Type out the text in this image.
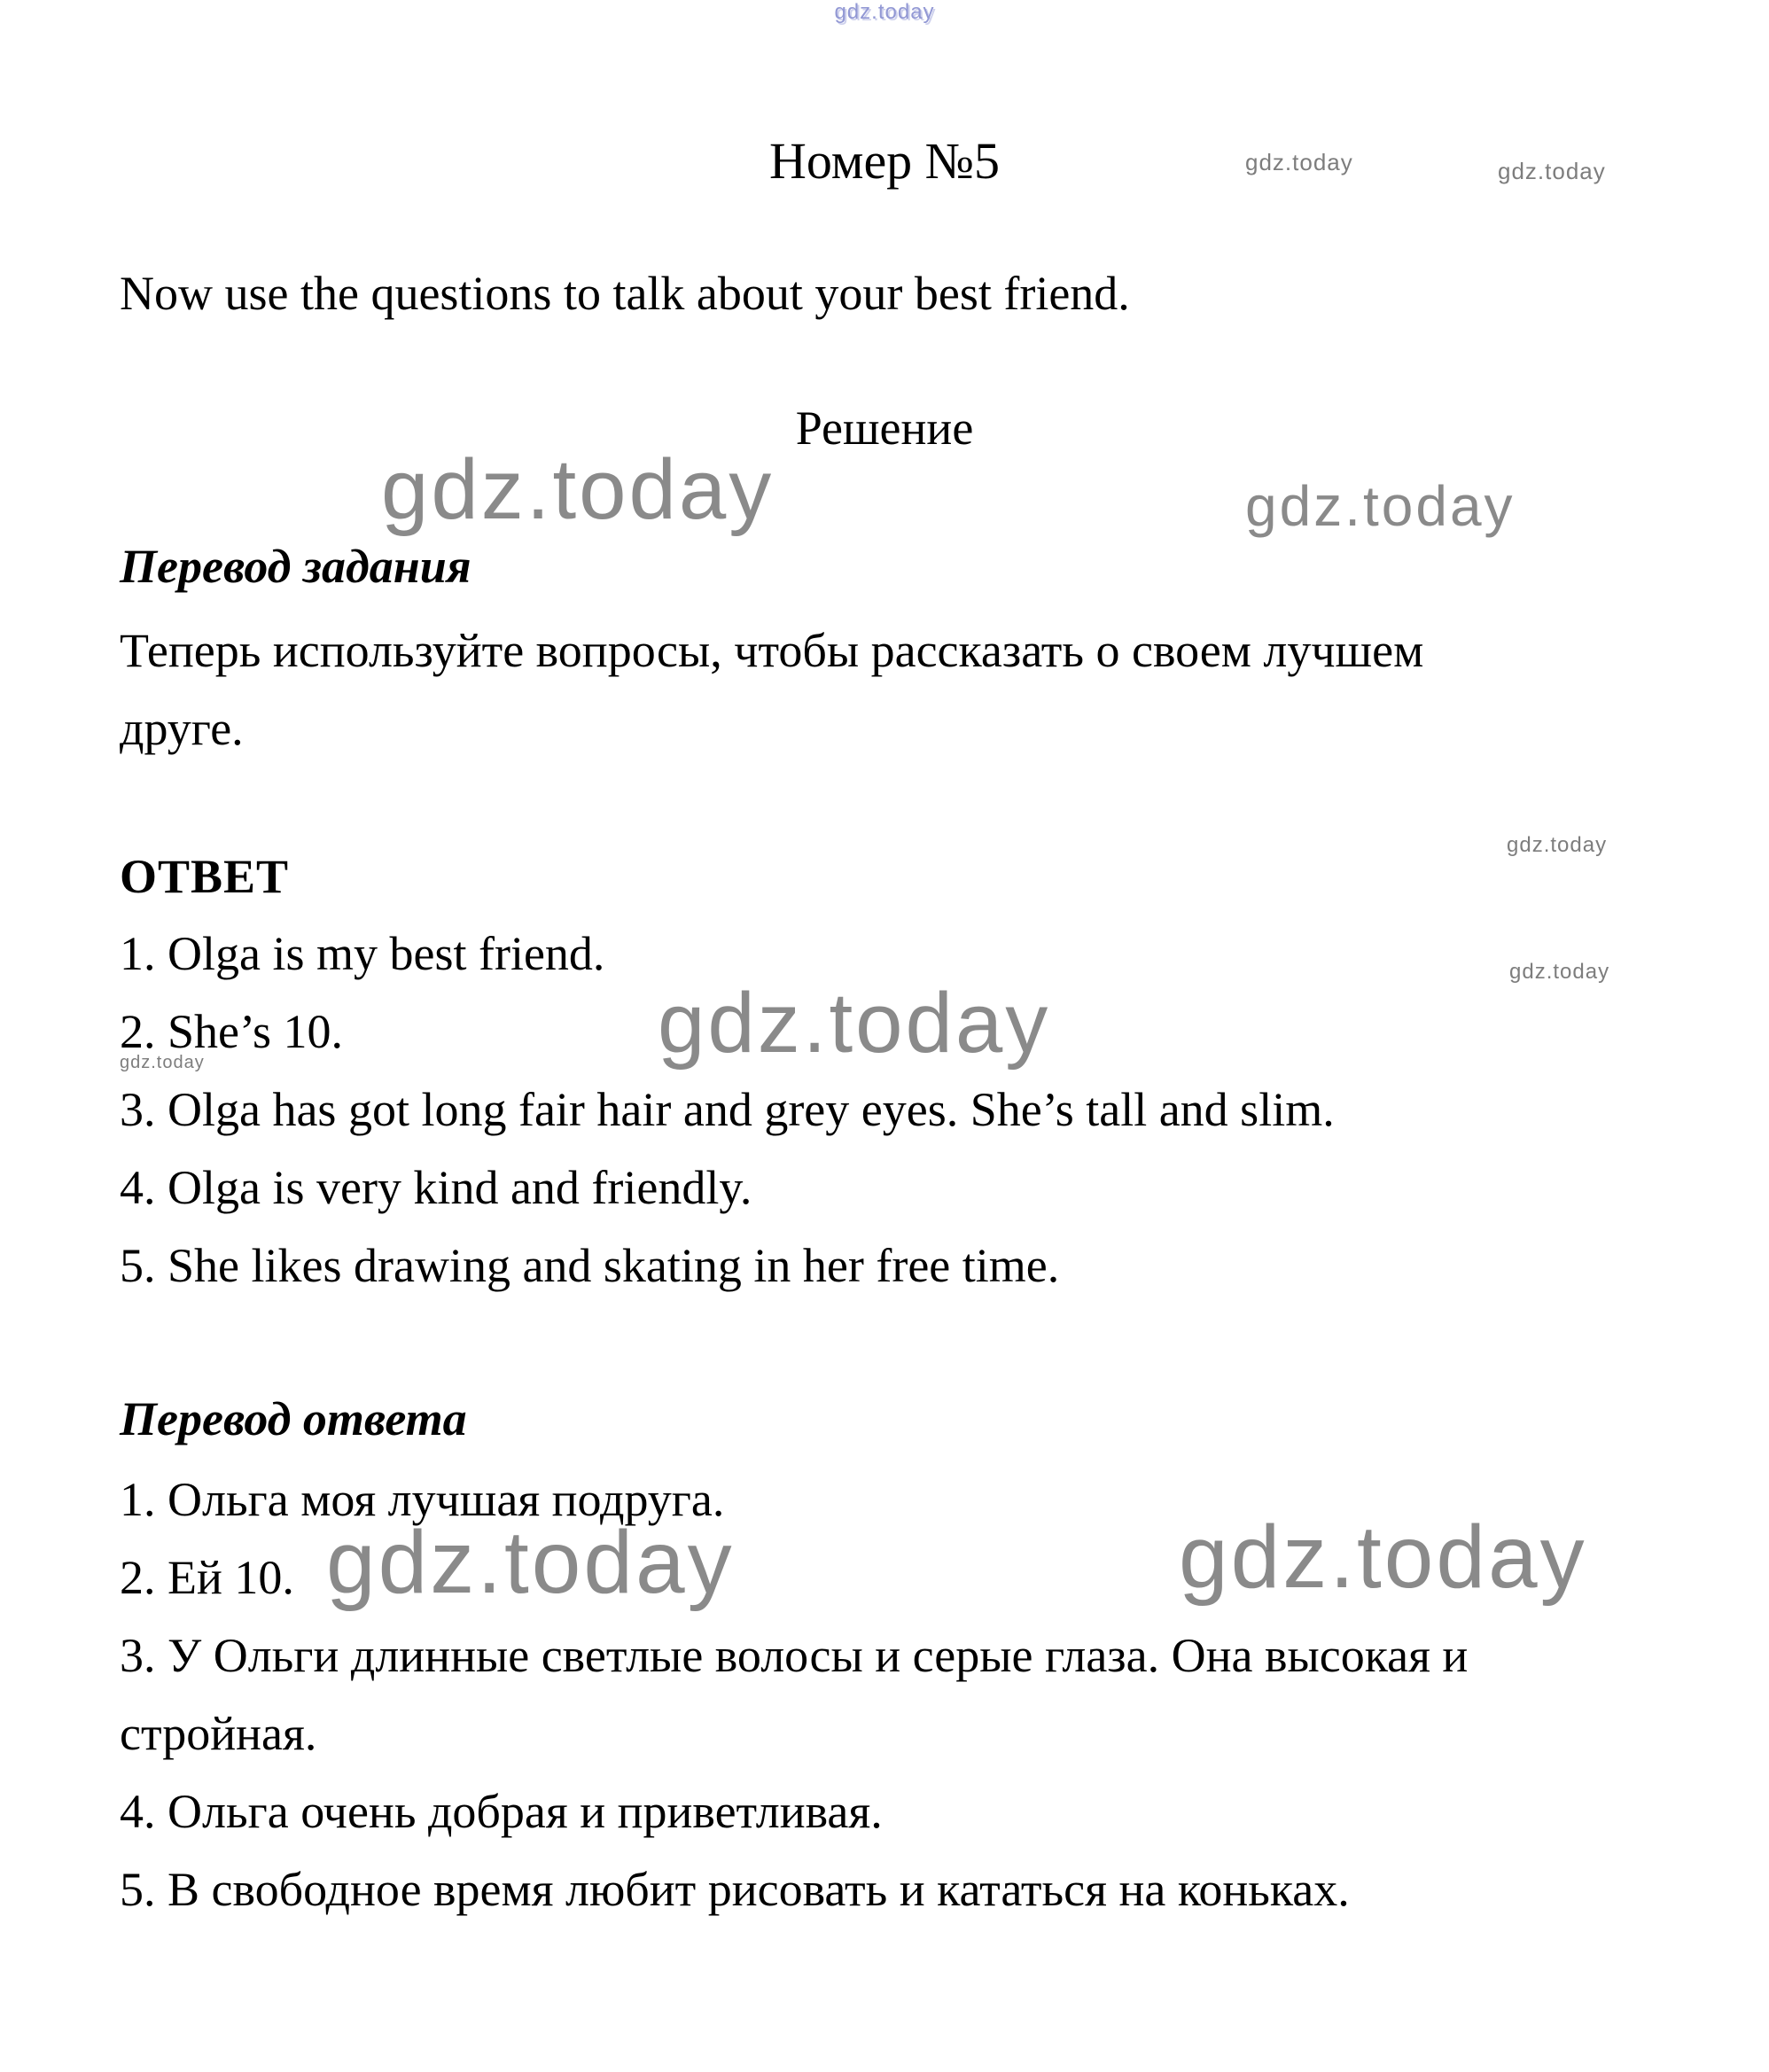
gdz.today
gdz.today	gdz.today
gdz.today	gdz.today
gdz.today
gdz.today
gdz.today
gdz.today
gdz.today	gdz.today
Номер №5

Now use the questions to talk about your best friend.

Решение
Перевод задания

Теперь используйте вопросы, чтобы рассказать о своем лучшем друге.

ОТВЕТ

1. Olga is my best friend.

2. She’s 10.

3. Olga has got long fair hair and grey eyes. She’s tall and slim.

4. Olga is very kind and friendly.

5. She likes drawing and skating in her free time.

Перевод ответа

1. Ольга моя лучшая подруга.

2. Ей 10.

3. У Ольги длинные светлые волосы и серые глаза. Она высокая и стройная.

4. Ольга очень добрая и приветливая.

5. В свободное время любит рисовать и кататься на коньках.
